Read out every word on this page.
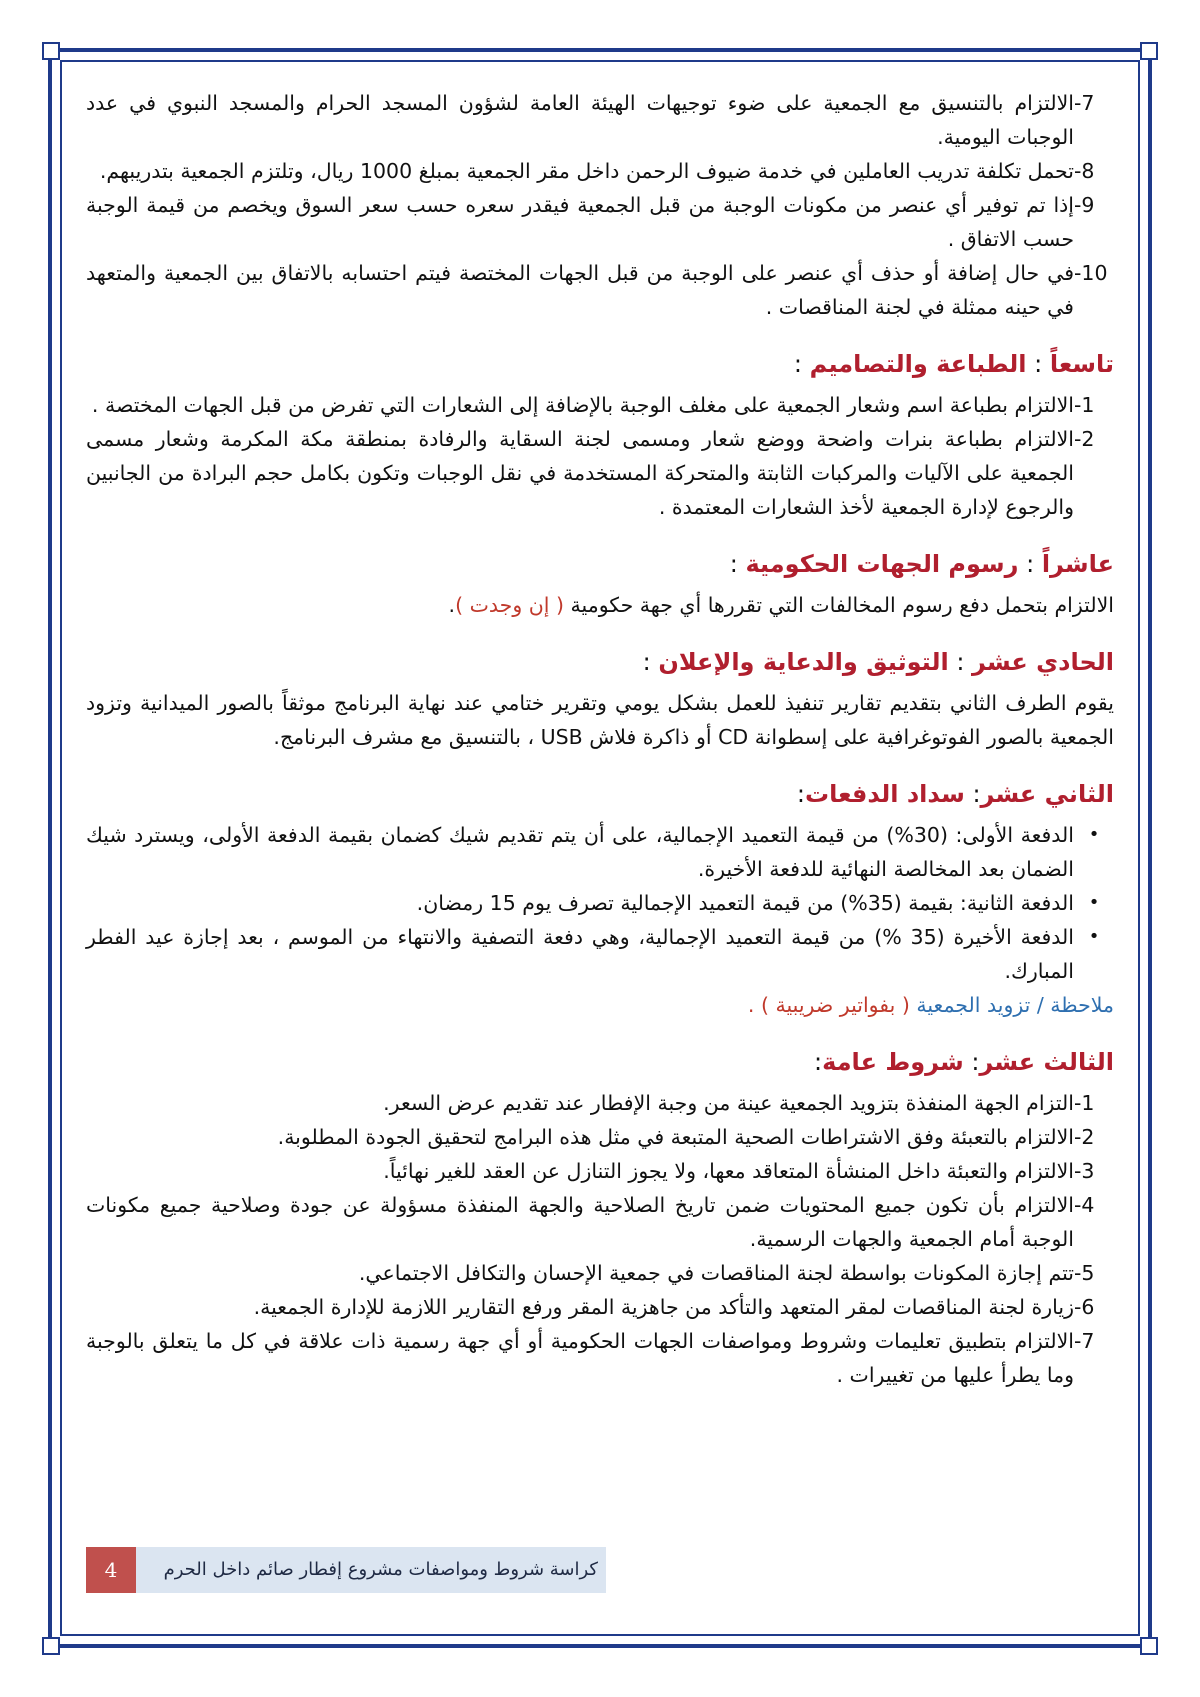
-7
الالتزام بالتنسيق مع الجمعية على ضوء توجيهات الهيئة العامة لشؤون المسجد الحرام والمسجد النبوي في عدد الوجبات اليومية.
-8
تحمل تكلفة تدريب العاملين في خدمة ضيوف الرحمن داخل مقر الجمعية بمبلغ 1000 ريال، وتلتزم الجمعية بتدريبهم.
-9
إذا تم توفير أي عنصر من مكونات الوجبة من قبل الجمعية فيقدر سعره حسب سعر السوق ويخصم من قيمة الوجبة حسب الاتفاق .
-10
في حال إضافة أو حذف أي عنصر على الوجبة من قبل الجهات المختصة فيتم احتسابه بالاتفاق بين الجمعية والمتعهد في حينه ممثلة في لجنة المناقصات .
تاسعاً : الطباعة والتصاميم :
-1
الالتزام بطباعة اسم وشعار الجمعية على مغلف الوجبة بالإضافة إلى الشعارات التي تفرض من قبل الجهات المختصة .
-2
الالتزام بطباعة بنرات واضحة ووضع شعار ومسمى لجنة السقاية والرفادة بمنطقة مكة المكرمة وشعار مسمى الجمعية على الآليات والمركبات الثابتة والمتحركة المستخدمة في نقل الوجبات وتكون بكامل حجم البرادة من الجانبين والرجوع لإدارة الجمعية لأخذ الشعارات المعتمدة .
عاشراً : رسوم الجهات الحكومية :
الالتزام بتحمل دفع رسوم المخالفات التي تقررها أي جهة حكومية ( إن وجدت ).
الحادي عشر : التوثيق والدعاية والإعلان :
يقوم الطرف الثاني بتقديم تقارير تنفيذ للعمل بشكل يومي وتقرير ختامي عند نهاية البرنامج موثقاً بالصور الميدانية وتزود الجمعية بالصور الفوتوغرافية على إسطوانة CD أو ذاكرة فلاش USB ، بالتنسيق مع مشرف البرنامج.
الثاني عشر: سداد الدفعات:
•
الدفعة الأولى: (30%) من قيمة التعميد الإجمالية، على أن يتم تقديم شيك كضمان بقيمة الدفعة الأولى، ويسترد شيك الضمان بعد المخالصة النهائية للدفعة الأخيرة.
•
الدفعة الثانية: بقيمة (35%) من قيمة التعميد الإجمالية تصرف يوم 15 رمضان.
•
الدفعة الأخيرة (35 %) من قيمة التعميد الإجمالية، وهي دفعة التصفية والانتهاء من الموسم ، بعد إجازة عيد الفطر المبارك.
ملاحظة / تزويد الجمعية ( بفواتير ضريبية ) .
الثالث عشر: شروط عامة:
-1
التزام الجهة المنفذة بتزويد الجمعية عينة من وجبة الإفطار عند تقديم عرض السعر.
-2
الالتزام بالتعبئة وفق الاشتراطات الصحية المتبعة في مثل هذه البرامج لتحقيق الجودة المطلوبة.
-3
الالتزام والتعبئة داخل المنشأة المتعاقد معها، ولا يجوز التنازل عن العقد للغير نهائياً.
-4
الالتزام بأن تكون جميع المحتويات ضمن تاريخ الصلاحية والجهة المنفذة مسؤولة عن جودة وصلاحية جميع مكونات الوجبة أمام الجمعية والجهات الرسمية.
-5
تتم إجازة المكونات بواسطة لجنة المناقصات في جمعية الإحسان والتكافل الاجتماعي.
-6
زيارة لجنة المناقصات لمقر المتعهد والتأكد من جاهزية المقر ورفع التقارير اللازمة للإدارة الجمعية.
-7
الالتزام بتطبيق تعليمات وشروط ومواصفات الجهات الحكومية أو أي جهة رسمية ذات علاقة في كل ما يتعلق بالوجبة وما يطرأ عليها من تغييرات .
4	كراسة شروط ومواصفات مشروع إفطار صائم داخل الحرم
